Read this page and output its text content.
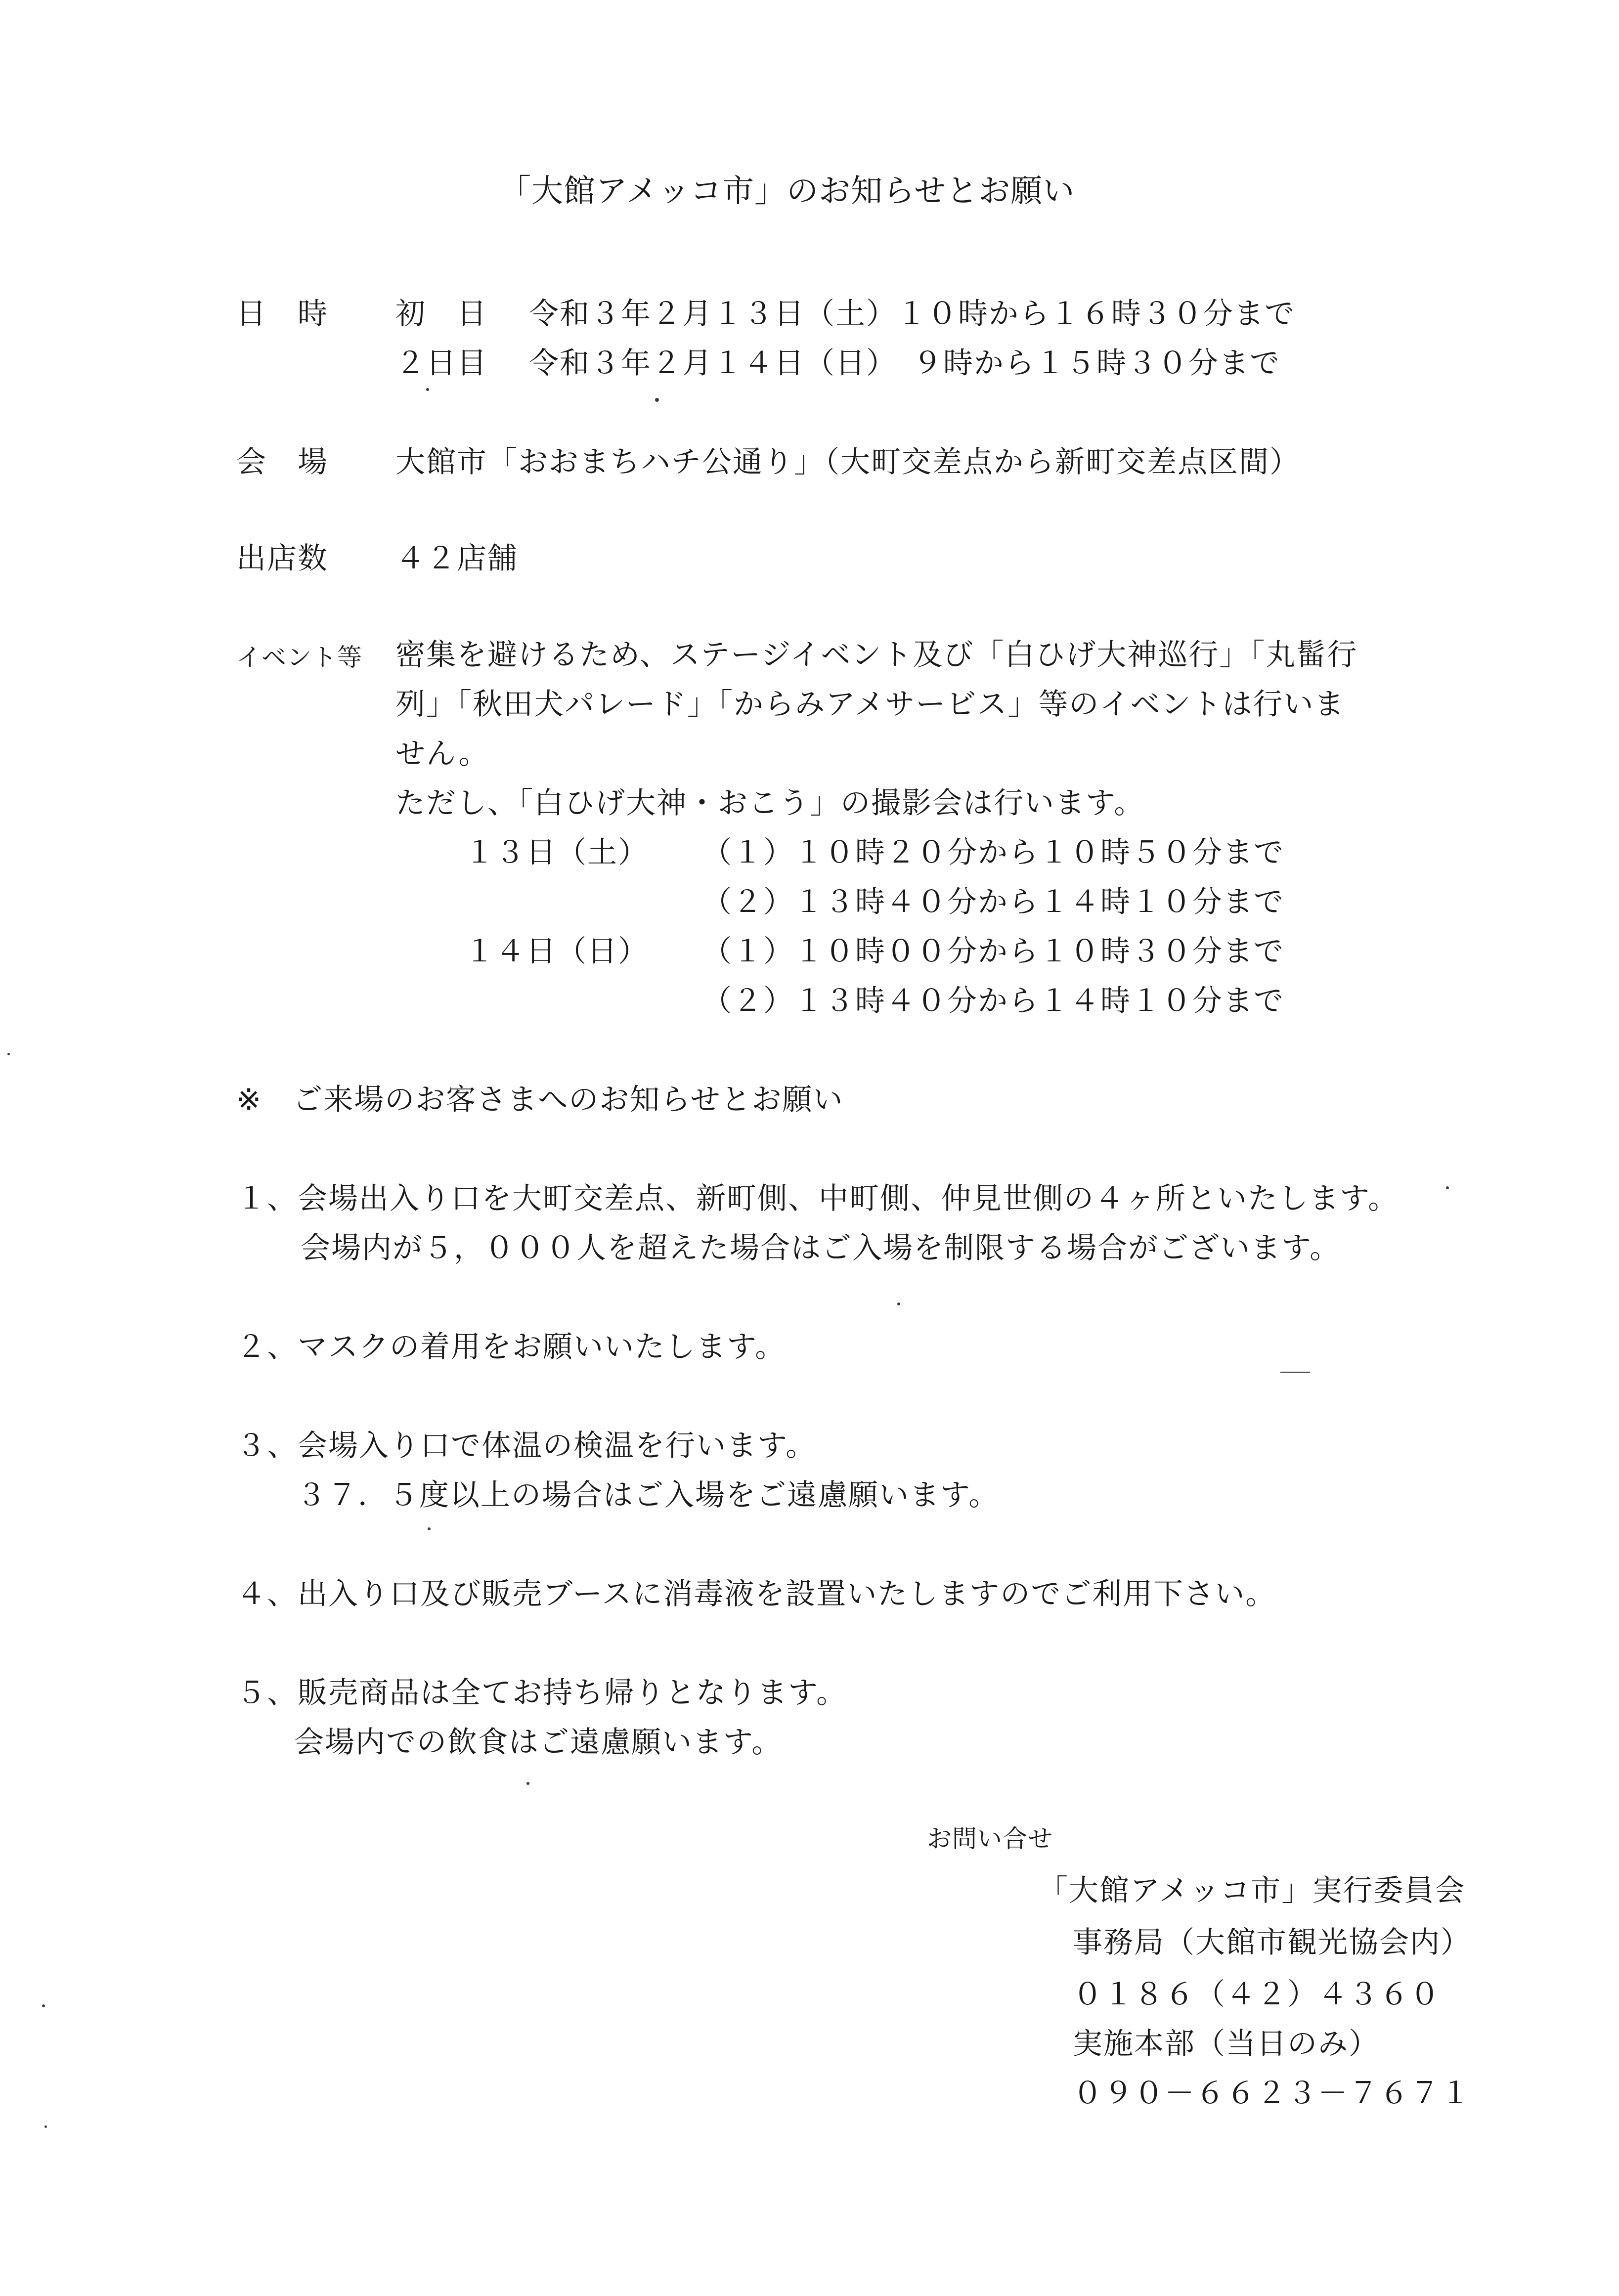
「大館アメッコ市」のお知らせとお願い
日　時 初　日 令和３年２月１３日（土）１０時から１６時３０分まで
２日目 令和３年２月１４日（日）　９時から１５時３０分まで
会　場 大館市「おおまちハチ公通り」（大町交差点から新町交差点区間）
出店数 ４２店舗
イベント等 密集を避けるため、ステージイベント及び「白ひげ大神巡行」「丸髷行
列」「秋田犬パレード」「からみアメサービス」等のイベントは行いま
せん。
ただし、「白ひげ大神・おこう」の撮影会は行います。
１３日（土） （１）１０時２０分から１０時５０分まで
（２）１３時４０分から１４時１０分まで
１４日（日） （１）１０時００分から１０時３０分まで
（２）１３時４０分から１４時１０分まで
※　ご来場のお客さまへのお知らせとお願い
１、会場出入り口を大町交差点、新町側、中町側、仲見世側の４ヶ所といたします。
会場内が５，０００人を超えた場合はご入場を制限する場合がございます。
２、マスクの着用をお願いいたします。
３、会場入り口で体温の検温を行います。
３７．５度以上の場合はご入場をご遠慮願います。
４、出入り口及び販売ブースに消毒液を設置いたしますのでご利用下さい。
５、販売商品は全てお持ち帰りとなります。
会場内での飲食はご遠慮願います。
お問い合せ
「大館アメッコ市」実行委員会
事務局（大館市観光協会内）
０１８６（４２）４３６０
実施本部（当日のみ）
０９０－６６２３－７６７１
